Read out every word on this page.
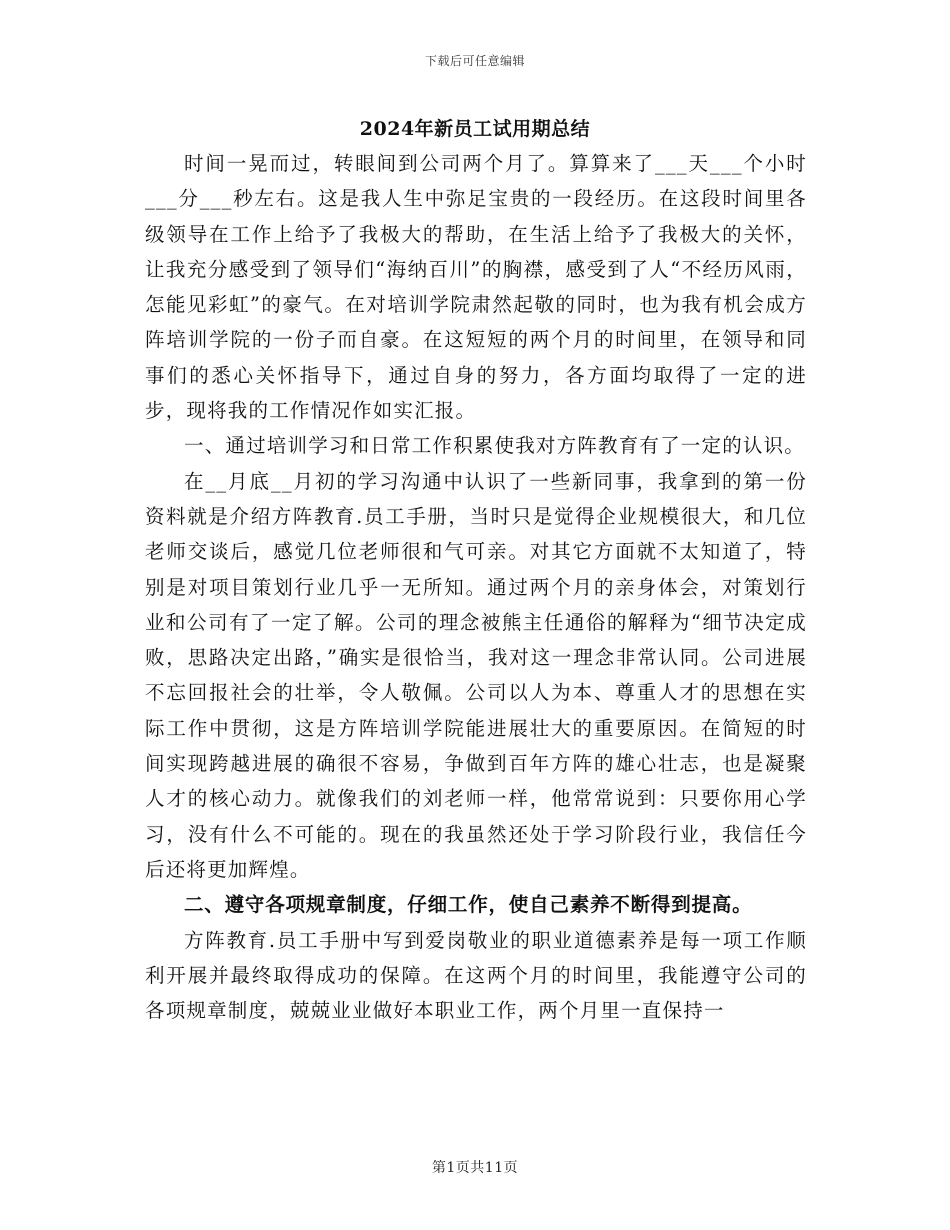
下载后可任意编辑
2024年新员工试用期总结

时间一晃而过，转眼间到公司两个月了。算算来了___天___个小时___分___秒左右。这是我人生中弥足宝贵的一段经历。在这段时间里各级领导在工作上给予了我极大的帮助，在生活上给予了我极大的关怀，让我充分感受到了领导们“海纳百川”的胸襟，感受到了人“不经历风雨，怎能见彩虹”的豪气。在对培训学院肃然起敬的同时，也为我有机会成方阵培训学院的一份子而自豪。在这短短的两个月的时间里，在领导和同事们的悉心关怀指导下，通过自身的努力，各方面均取得了一定的进步，现将我的工作情况作如实汇报。

一、通过培训学习和日常工作积累使我对方阵教育有了一定的认识。

在__月底__月初的学习沟通中认识了一些新同事，我拿到的第一份资料就是介绍方阵教育.员工手册，当时只是觉得企业规模很大，和几位老师交谈后，感觉几位老师很和气可亲。对其它方面就不太知道了，特别是对项目策划行业几乎一无所知。通过两个月的亲身体会，对策划行业和公司有了一定了解。公司的理念被熊主任通俗的解释为“细节决定成败，思路决定出路，”确实是很恰当，我对这一理念非常认同。公司进展不忘回报社会的壮举，令人敬佩。公司以人为本、尊重人才的思想在实际工作中贯彻，这是方阵培训学院能进展壮大的重要原因。在简短的时间实现跨越进展的确很不容易，争做到百年方阵的雄心壮志，也是凝聚人才的核心动力。就像我们的刘老师一样，他常常说到：只要你用心学习，没有什么不可能的。现在的我虽然还处于学习阶段行业，我信任今后还将更加辉煌。

二、遵守各项规章制度，仔细工作，使自己素养不断得到提高。

方阵教育.员工手册中写到爱岗敬业的职业道德素养是每一项工作顺利开展并最终取得成功的保障。在这两个月的时间里，我能遵守公司的各项规章制度，兢兢业业做好本职业工作，两个月里一直保持一

第1页共11页
